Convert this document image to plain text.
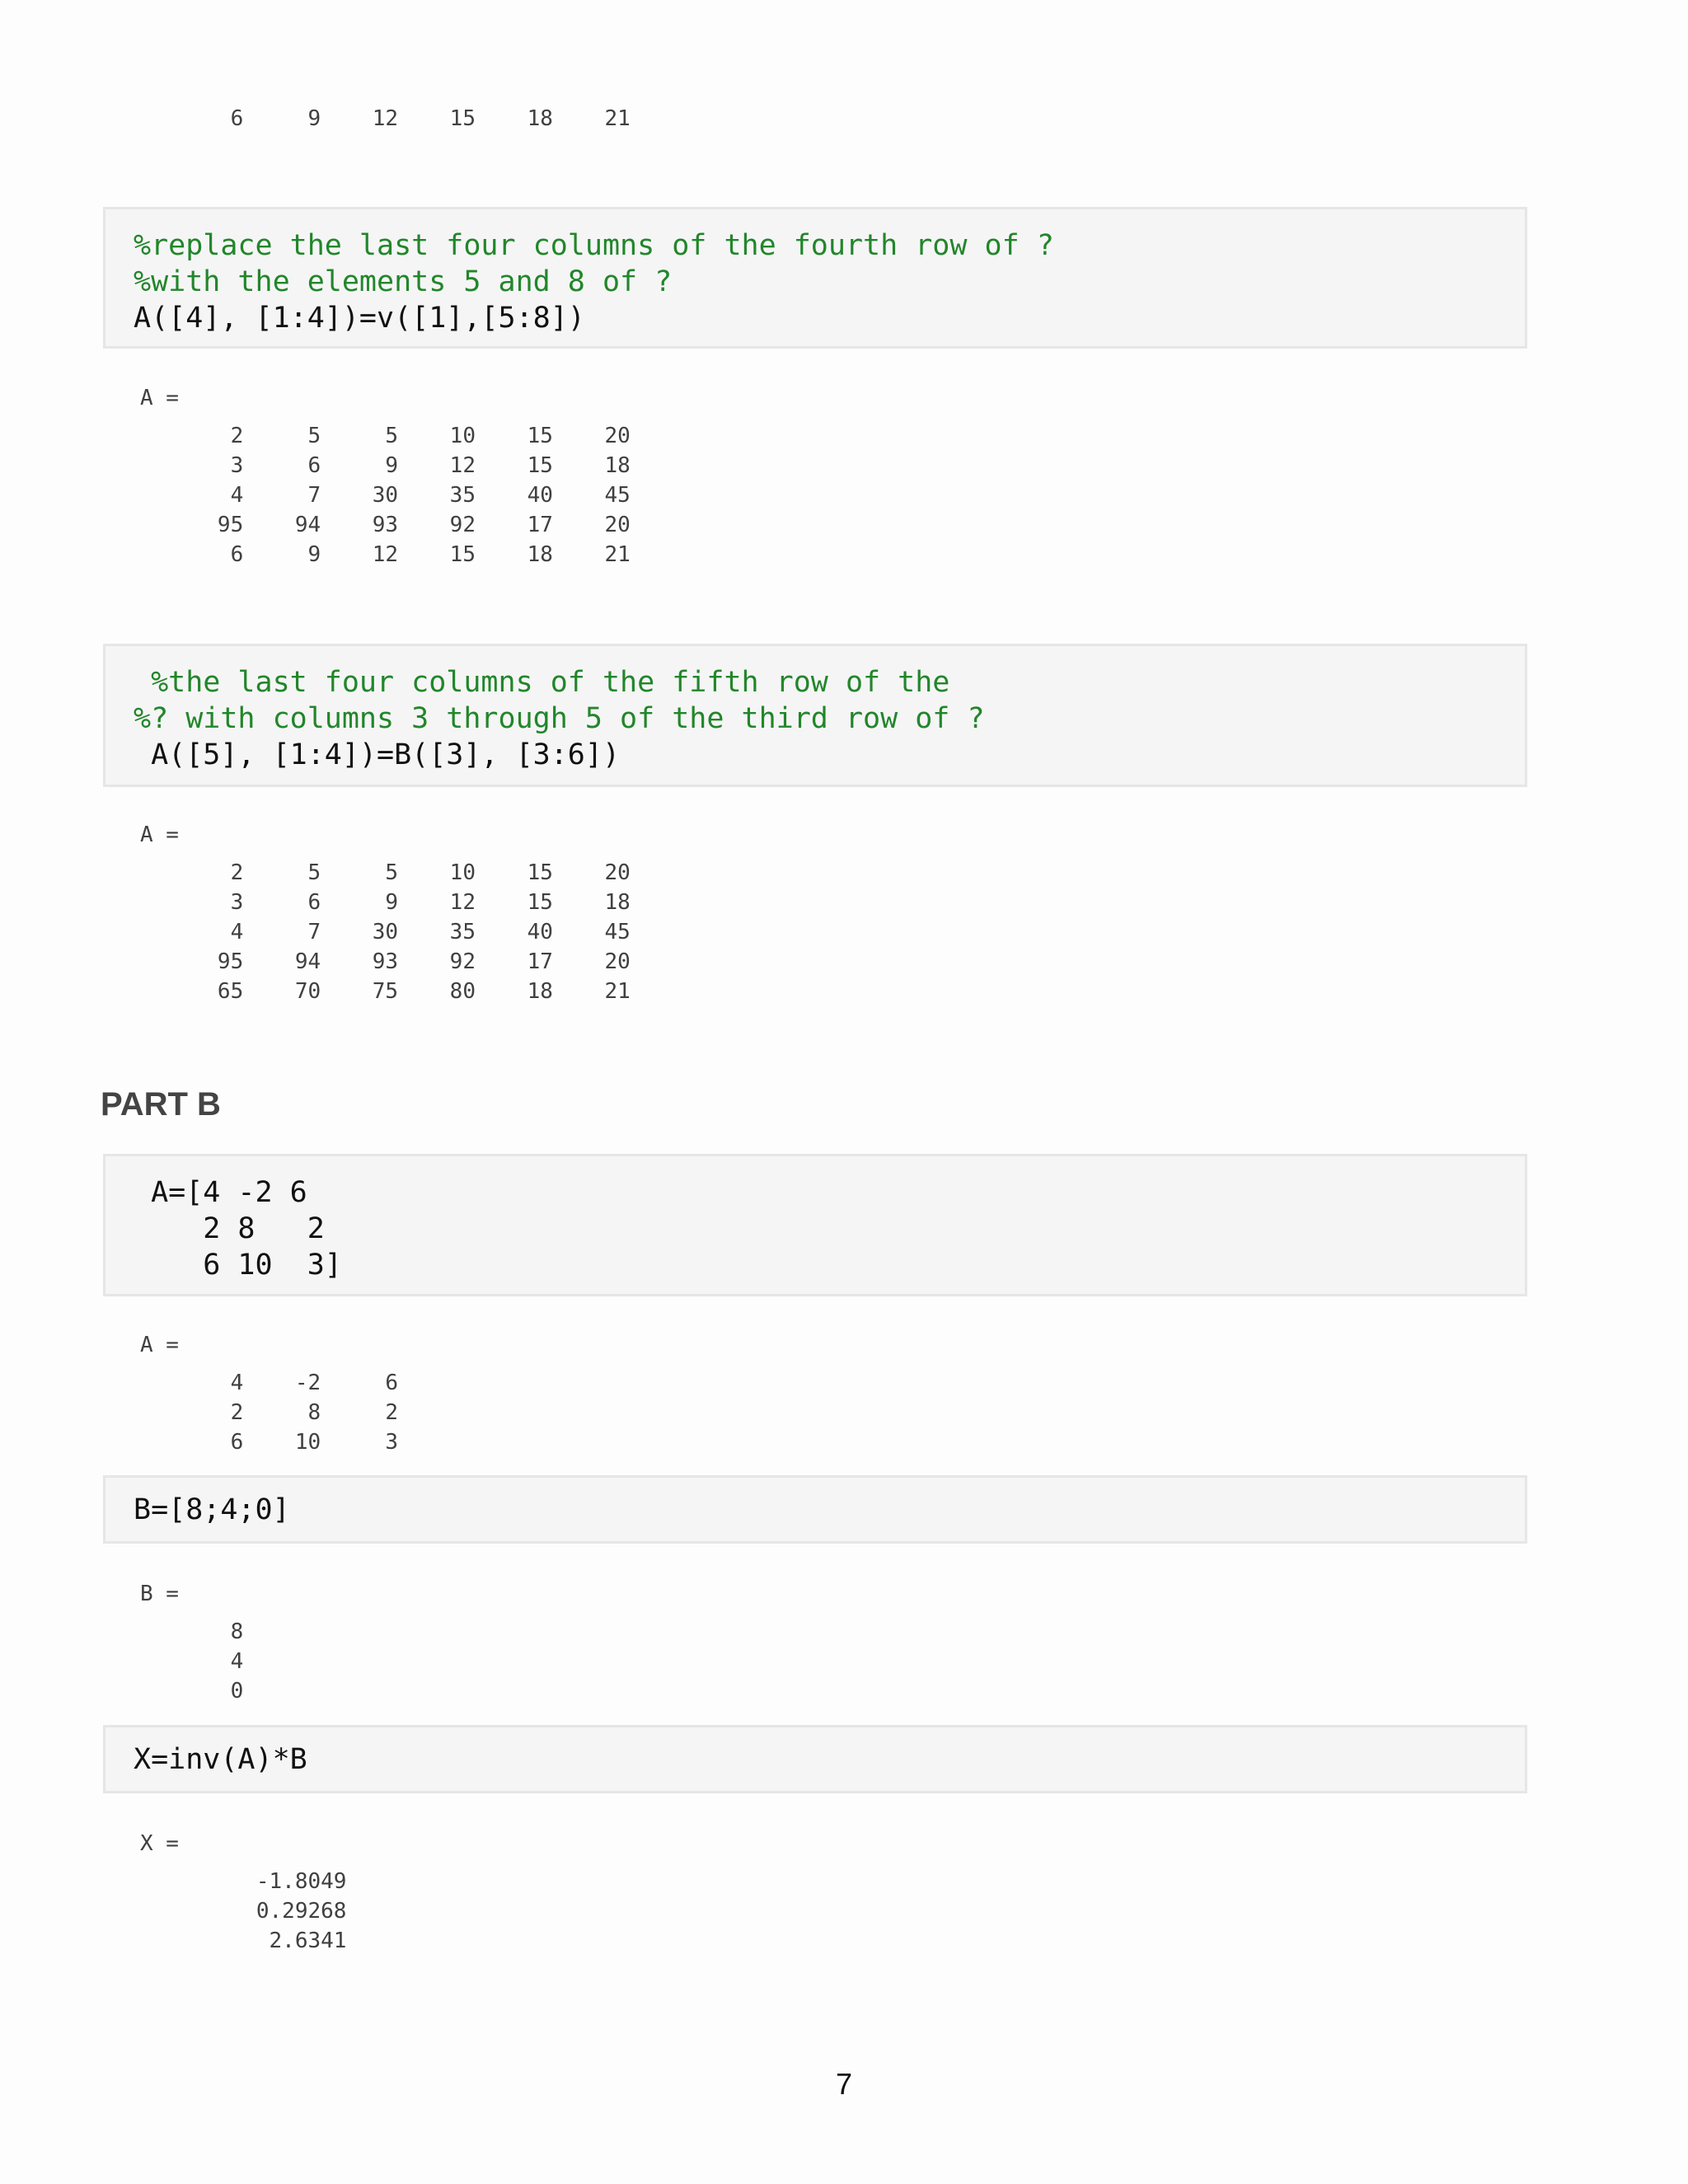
6     9    12    15    18    21
%replace the last four columns of the fourth row of ?
%with the elements 5 and 8 of ?
A([4], [1:4])=v([1],[5:8])
A =
2     5     5    10    15    20
3     6     9    12    15    18
4     7    30    35    40    45
95    94    93    92    17    20
6     9    12    15    18    21
%the last four columns of the fifth row of the
%? with columns 3 through 5 of the third row of ?
A([5], [1:4])=B([3], [3:6])
A =
2     5     5    10    15    20
3     6     9    12    15    18
4     7    30    35    40    45
95    94    93    92    17    20
65    70    75    80    18    21
PART B
A=[4 -2 6
2 8   2
6 10  3]
A =
4    -2     6
2     8     2
6    10     3
B=[8;4;0]
B =
8
4
0
X=inv(A)*B
X =
-1.8049
0.29268
2.6341
7
